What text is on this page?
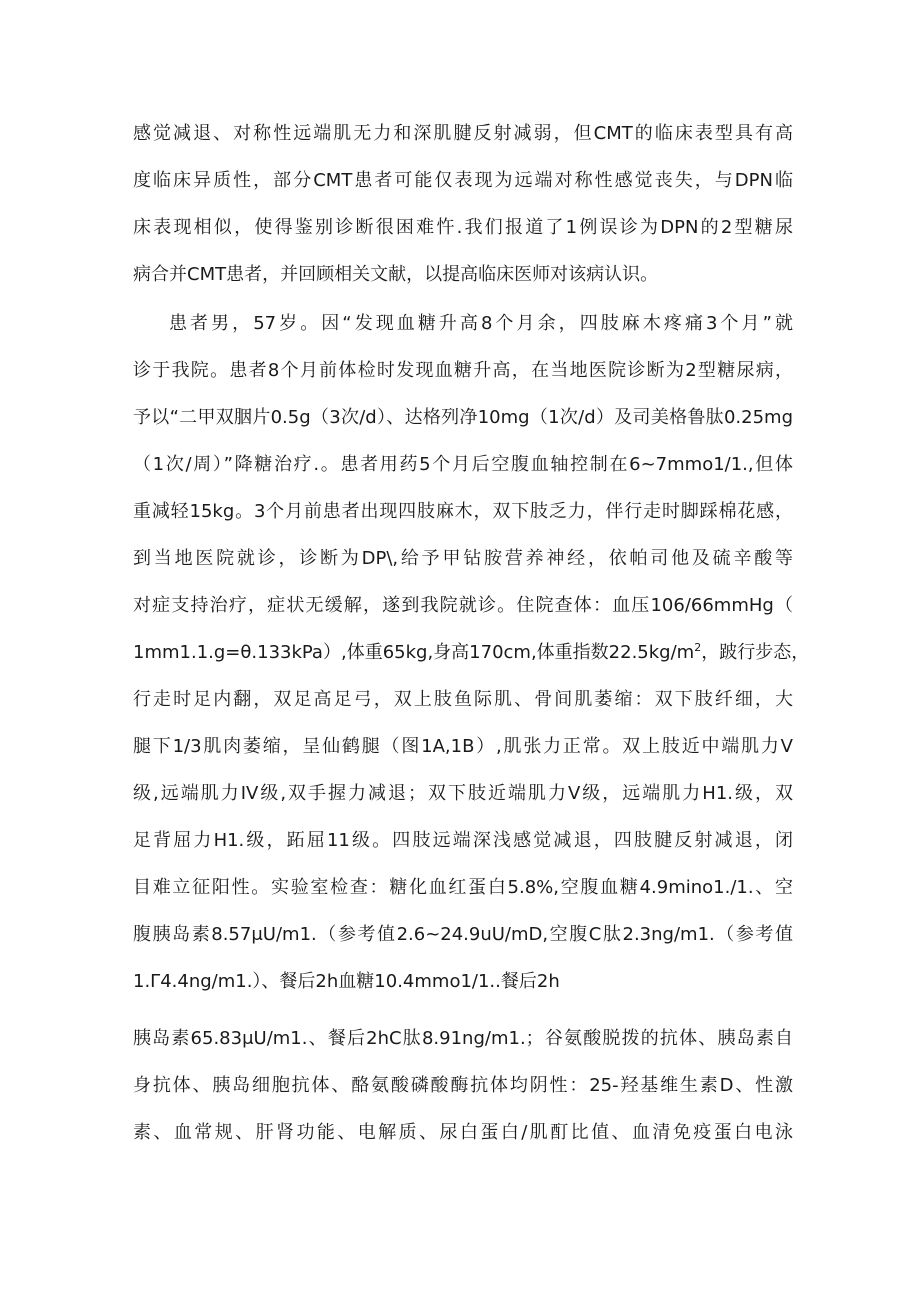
感觉减退、对称性远端肌无力和深肌腱反射减弱，但CMT的临床表型具有高
度临床异质性，部分CMT患者可能仅表现为远端对称性感觉丧失，与DPN临
床表现相似，使得鉴别诊断很困难忤.我们报道了1例误诊为DPN的2型糖尿
病合并CMT患者，并回顾相关文献，以提高临床医师对该病认识。

患者男，57岁。因“发现血糖升高8个月余，四肢麻木疼痛3个月”就
诊于我院。患者8个月前体检时发现血糖升高，在当地医院诊断为2型糖尿病，
予以“二甲双胭片0.5g（3次/d）、达格列净10mg（1次/d）及司美格鲁肽0.25mg
（1次/周）”降糖治疗.。患者用药5个月后空腹血轴控制在6~7mmo1/1.,但体
重减轻15kg。3个月前患者出现四肢麻木，双下肢乏力，伴行走时脚踩棉花感，
到当地医院就诊，诊断为DP\,给予甲钻胺营养神经，依帕司他及硫辛酸等
对症支持治疗，症状无缓解，遂到我院就诊。住院查体：血压106/66mmHg（
1mm1.1.g=θ.133kPa）,体重65kg,身高170cm,体重指数$22.5kg/m^2$，跛行步态，
行走时足内翻，双足高足弓，双上肢鱼际肌、骨间肌萎缩：双下肢纤细，大
腿下1/3肌肉萎缩，呈仙鹤腿（图1A,1B）,肌张力正常。双上肢近中端肌力V
级,远端肌力IV级,双手握力减退；双下肢近端肌力V级，远端肌力H1.级，双
足背屈力H1.级，跖屈11级。四肢远端深浅感觉减退，四肢腱反射减退，闭
目难立征阳性。实验室检查：糖化血红蛋白5.8%,空腹血糖4.9mino1./1.、空
腹胰岛素8.57μU/m1.（参考值2.6~24.9uU/mD,空腹C肽2.3ng/m1.（参考值
1.Γ4.4ng/m1.）、餐后2h血糖10.4mmo1/1..餐后2h

胰岛素65.83μU/m1.、餐后2hC肽8.91ng/m1.；谷氨酸脱拨的抗体、胰岛素自
身抗体、胰岛细胞抗体、酪氨酸磷酸酶抗体均阴性：25-羟基维生素D、性激
素、血常规、肝肾功能、电解质、尿白蛋白/肌酊比值、血清免疫蛋白电泳
